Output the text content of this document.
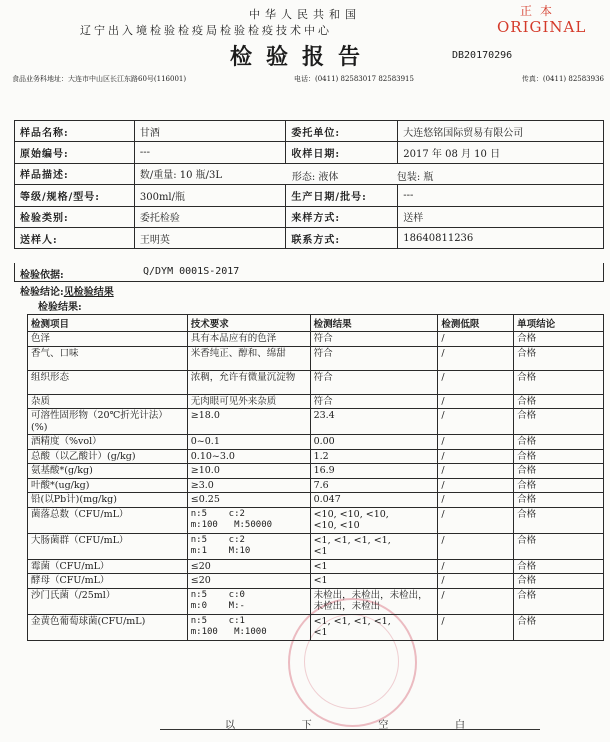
中华人民共和国
辽宁出入境检验检疫局检验检疫技术中心
正本
ORIGINAL
检验报告	DB20170296
食品业务科地址：大连市中山区长江东路60号(116001)	电话：(0411) 82583017 82583915	传真：(0411) 82583936
样品名称:	甘酒	委托单位:	大连悠铭国际贸易有限公司
原始编号:	---	收样日期:	2017 年 08 月 10 日
样品描述:	数/重量: 10 瓶/3L 形态: 液体 包装: 瓶		

等级/规格/型号:	300ml/瓶	生产日期/批号:	---
检验类别:	委托检验	来样方式:	送样
送样人:	王明英	联系方式:	18640811236
检验依据:	Q/DYM 0001S-2017
检验结论:见检验结果
检验结果:
检测项目	技术要求	检测结果	检测低限	单项结论
色泽	具有本品应有的色泽	符合	/	合格
香气、口味	米香纯正、醇和、绵甜	符合	/	合格
组织形态	浓稠，允许有微量沉淀物	符合	/	合格
杂质	无肉眼可见外来杂质	符合	/	合格
可溶性固形物（20℃折光计法）(%)	≥18.0	23.4	/	合格
酒精度（%vol）	0~0.1	0.00	/	合格
总酸（以乙酸计）(g/kg)	0.10~3.0	1.2	/	合格
氨基酸*(g/kg)	≥10.0	16.9	/	合格
叶酸*(ug/kg)	≥3.0	7.6	/	合格
铅(以Pb计)(mg/kg)	≤0.25	0.047	/	合格
菌落总数（CFU/mL）	n:5    c:2
m:100   M:50000	<10, <10, <10,
<10, <10	/	合格
大肠菌群（CFU/mL）	n:5    c:2
m:1    M:10	<1, <1, <1, <1,
<1	/	合格
霉菌（CFU/mL）	≤20	<1	/	合格
酵母（CFU/mL）	≤20	<1	/	合格
沙门氏菌（/25ml）	n:5    c:0
m:0    M:-	未检出，未检出，未检出，未检出，未检出	/	合格
金黄色葡萄球菌(CFU/mL)	n:5    c:1
m:100   M:1000	<1, <1, <1, <1,
<1	/	合格
以	下	空	白
